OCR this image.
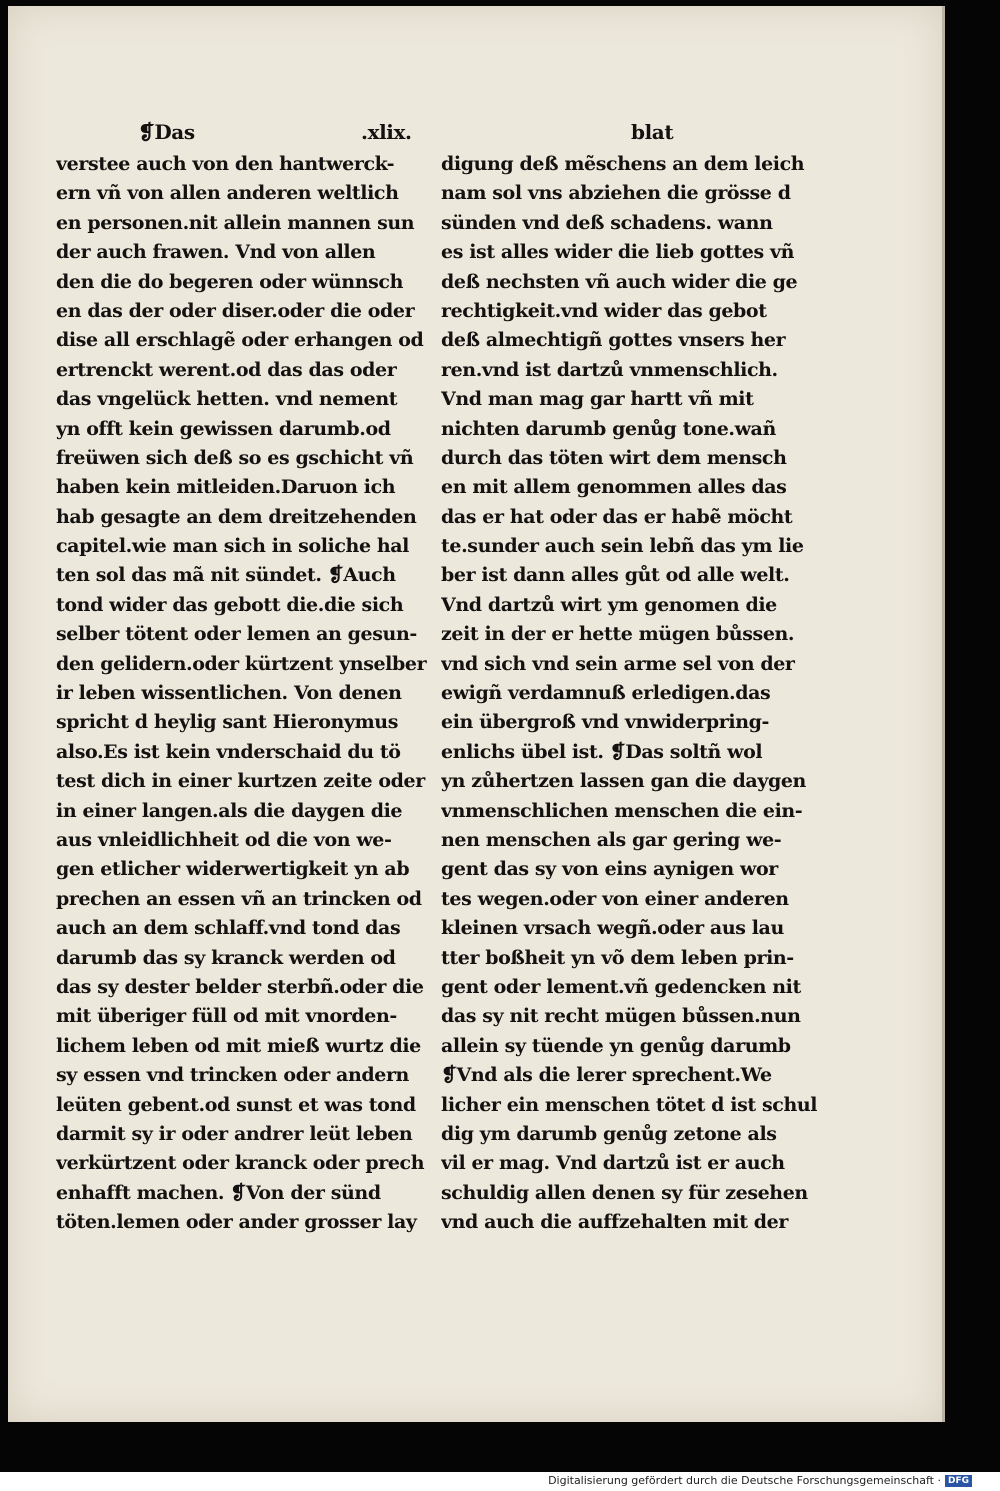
❡Das	.xlix.
verstee auch von den hantwerck-
ern vñ von allen anderen weltlich
en personen.nit allein mannen sun
der auch frawen. Vnd von allen
den die do begeren oder wünnsch
en das der oder diser.oder die oder
dise all erschlagẽ oder erhangen od
ertrenckt werent.od das das oder
das vngelück hetten. vnd nement
yn offt kein gewissen darumb.od
freüwen sich deß so es gschicht vñ
haben kein mitleiden.Daruon ich
hab gesagte an dem dreitzehenden
capitel.wie man sich in soliche hal
ten sol das mã nit sündet. ❡Auch
tond wider das gebott die.die sich
selber tötent oder lemen an gesun-
den gelidern.oder kürtzent ynselber
ir leben wissentlichen. Von denen
spricht d heylig sant Hieronymus
also.Es ist kein vnderschaid du tö
test dich in einer kurtzen zeite oder
in einer langen.als die daygen die
aus vnleidlichheit od die von we-
gen etlicher widerwertigkeit yn ab
prechen an essen vñ an trincken od
auch an dem schlaff.vnd tond das
darumb das sy kranck werden od
das sy dester belder sterbñ.oder die
mit überiger füll od mit vnorden-
lichem leben od mit mieß wurtz die
sy essen vnd trincken oder andern
leüten gebent.od sunst et was tond
darmit sy ir oder andrer leüt leben
verkürtzent oder kranck oder prech
enhafft machen. ❡Von der sünd
töten.lemen oder ander grosser lay
blat
digung deß mẽschens an dem leich
nam sol vns abziehen die grösse d
sünden vnd deß schadens. wann
es ist alles wider die lieb gottes vñ
deß nechsten vñ auch wider die ge
rechtigkeit.vnd wider das gebot
deß almechtigñ gottes vnsers her
ren.vnd ist dartzů vnmenschlich.
Vnd man mag gar hartt vñ mit
nichten darumb genůg tone.wañ
durch das töten wirt dem mensch
en mit allem genommen alles das
das er hat oder das er habẽ möcht
te.sunder auch sein lebñ das ym lie
ber ist dann alles gůt od alle welt.
Vnd dartzů wirt ym genomen die
zeit in der er hette mügen bůssen.
vnd sich vnd sein arme sel von der
ewigñ verdamnuß erledigen.das
ein übergroß vnd vnwiderpring-
enlichs übel ist. ❡Das soltñ wol
yn zůhertzen lassen gan die daygen
vnmenschlichen menschen die ein-
nen menschen als gar gering we-
gent das sy von eins aynigen wor
tes wegen.oder von einer anderen
kleinen vrsach wegñ.oder aus lau
tter boßheit yn võ dem leben prin-
gent oder lement.vñ gedencken nit
das sy nit recht mügen bůssen.nun
allein sy tüende yn genůg darumb
❡Vnd als die lerer sprechent.We
licher ein menschen tötet d ist schul
dig ym darumb genůg zetone als
vil er mag. Vnd dartzů ist er auch
schuldig allen denen sy für zesehen
vnd auch die auffzehalten mit der
Digitalisierung gefördert durch die Deutsche Forschungsgemeinschaft · DFG
